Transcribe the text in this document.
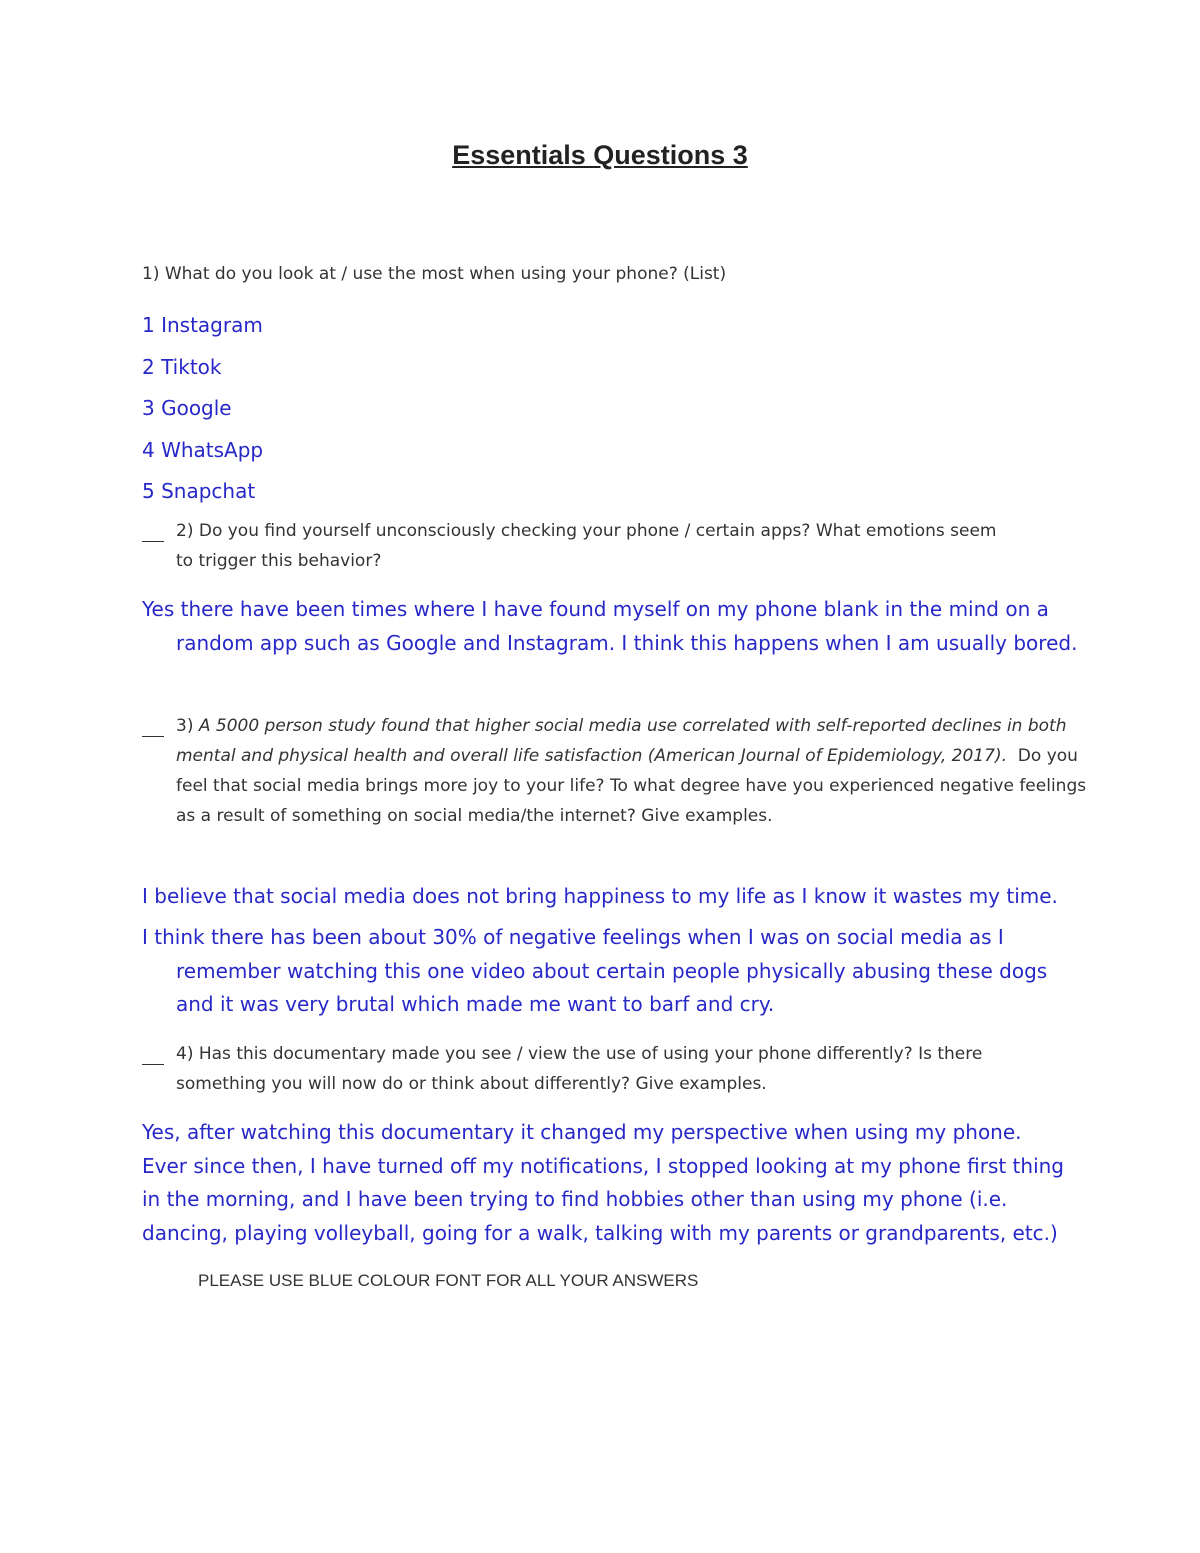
Essentials Questions 3
1) What do you look at / use the most when using your phone? (List)
1 Instagram
2 Tiktok
3 Google
4 WhatsApp
5 Snapchat
2) Do you find yourself unconsciously checking your phone / certain apps? What emotions seem
to trigger this behavior?
Yes there have been times where I have found myself on my phone blank in the mind on a random app such as Google and Instagram. I think this happens when I am usually bored.
3) A 5000 person study found that higher social media use correlated with self-reported declines in both mental and physical health and overall life satisfaction (American Journal of Epidemiology, 2017). Do you feel that social media brings more joy to your life? To what degree have you experienced negative feelings as a result of something on social media/the internet? Give examples.
I believe that social media does not bring happiness to my life as I know it wastes my time.
I think there has been about 30% of negative feelings when I was on social media as I remember watching this one video about certain people physically abusing these dogs and it was very brutal which made me want to barf and cry.
4) Has this documentary made you see / view the use of using your phone differently? Is there
something you will now do or think about differently? Give examples.
Yes, after watching this documentary it changed my perspective when using my phone. Ever since then, I have turned off my notifications, I stopped looking at my phone first thing in the morning, and I have been trying to find hobbies other than using my phone (i.e. dancing, playing volleyball, going for a walk, talking with my parents or grandparents, etc.)
PLEASE USE BLUE COLOUR FONT FOR ALL YOUR ANSWERS
